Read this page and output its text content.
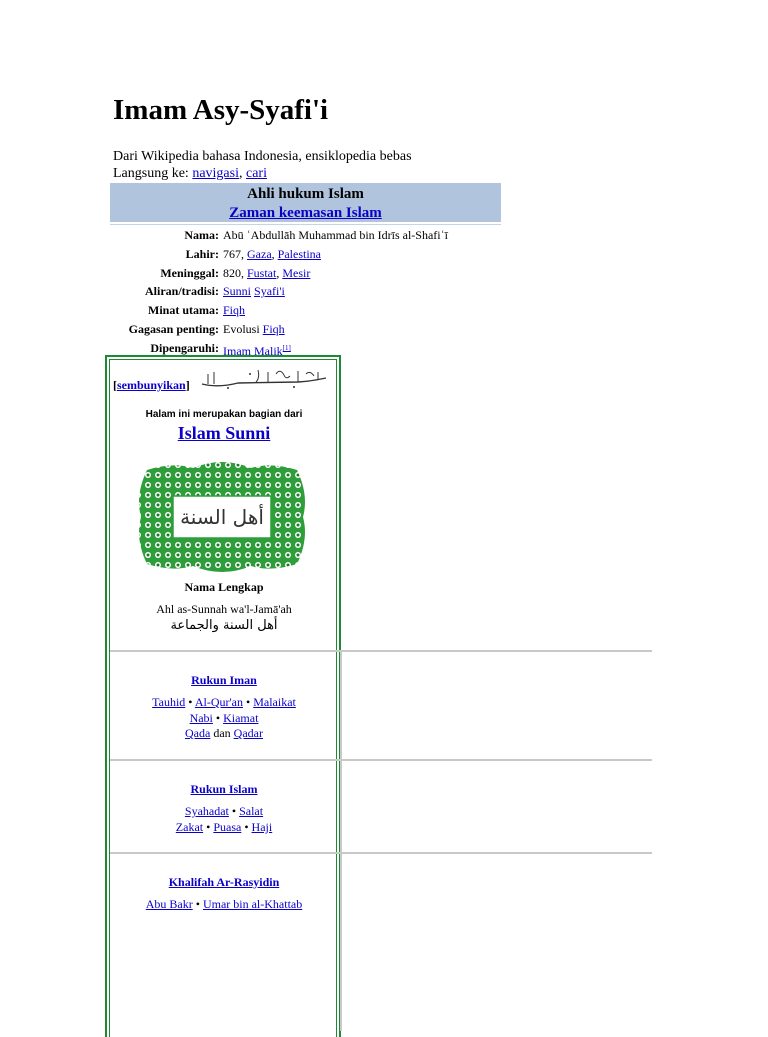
Imam Asy-Syafi'i
Dari Wikipedia bahasa Indonesia, ensiklopedia bebas
Langsung ke: navigasi, cari
Ahli hukum Islam
Zaman keemasan Islam
Nama: Abū ʿAbdullāh Muhammad bin Idrīs al-Shafiʿī
Lahir: 767, Gaza, Palestina
Meninggal: 820, Fustat, Mesir
Aliran/tradisi: Sunni Syafi'i
Minat utama: Fiqh
Gagasan penting: Evolusi Fiqh
Dipengaruhi: Imam Malik[1]
[sembunyikan]
Halam ini merupakan bagian dari
Islam Sunni
أهل السنة
Nama Lengkap
Ahl as-Sunnah wa'l-Jamā'ah
أهل السنة والجماعة
Rukun Iman
Tauhid • Al-Qur'an • Malaikat
Nabi • Kiamat
Qada dan Qadar
Rukun Islam
Syahadat • Salat
Zakat • Puasa • Haji
Khalifah Ar-Rasyidin
Abu Bakr • Umar bin al-Khattab
